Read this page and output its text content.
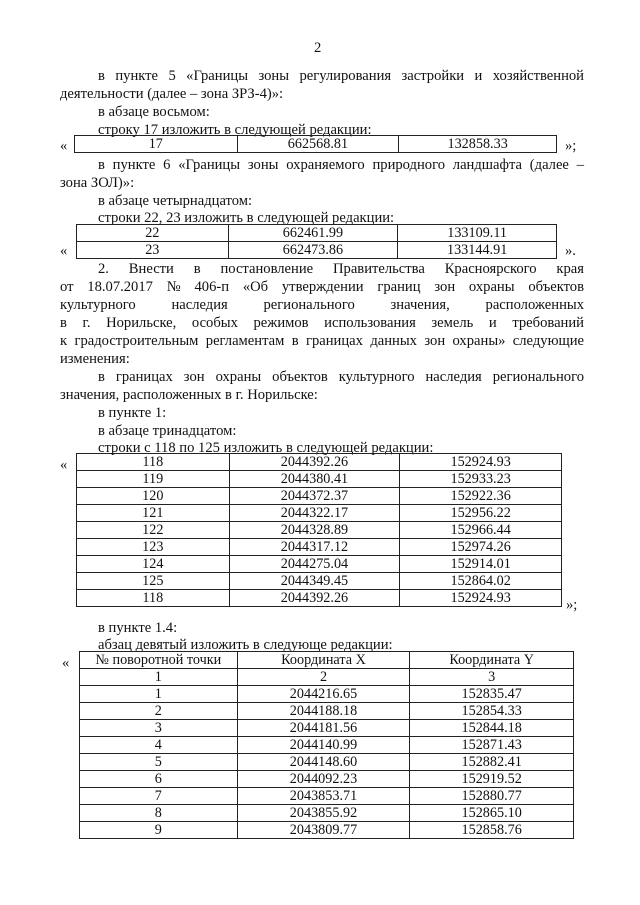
2
в пункте 5 «Границы зоны регулирования застройки и хозяйственной
деятельности (далее – зона ЗРЗ-4)»:
в абзаце восьмом:
строку 17 изложить в следующей редакции:
«	17	662568.81	132858.33	»;
в пункте 6 «Границы зоны охраняемого природного ландшафта (далее –
зона ЗОЛ)»:
в абзаце четырнадцатом:
строки 22, 23 изложить в следующей редакции:
«
22	662461.99	133109.11
23	662473.86	133144.91	».
2. Внести в постановление Правительства Красноярского края
от 18.07.2017 № 406-п «Об утверждении границ зон охраны объектов
культурного наследия регионального значения, расположенных
в г. Норильске, особых режимов использования земель и требований
к градостроительным регламентам в границах данных зон охраны» следующие
изменения:
в границах зон охраны объектов культурного наследия регионального
значения, расположенных в г. Норильске:
в пункте 1:
в абзаце тринадцатом:
строки с 118 по 125 изложить в следующей редакции:
«	118	2044392.26	152924.93
119	2044380.41	152933.23
120	2044372.37	152922.36
121	2044322.17	152956.22
122	2044328.89	152966.44
123	2044317.12	152974.26
124	2044275.04	152914.01
125	2044349.45	152864.02
118	2044392.26	152924.93	»;
в пункте 1.4:
абзац девятый изложить в следующе редакции:
« № поворотной точки	Координата X	Координата Y
1	2	3
1	2044216.65	152835.47
2	2044188.18	152854.33
3	2044181.56	152844.18
4	2044140.99	152871.43
5	2044148.60	152882.41
6	2044092.23	152919.52
7	2043853.71	152880.77
8	2043855.92	152865.10
9	2043809.77	152858.76
